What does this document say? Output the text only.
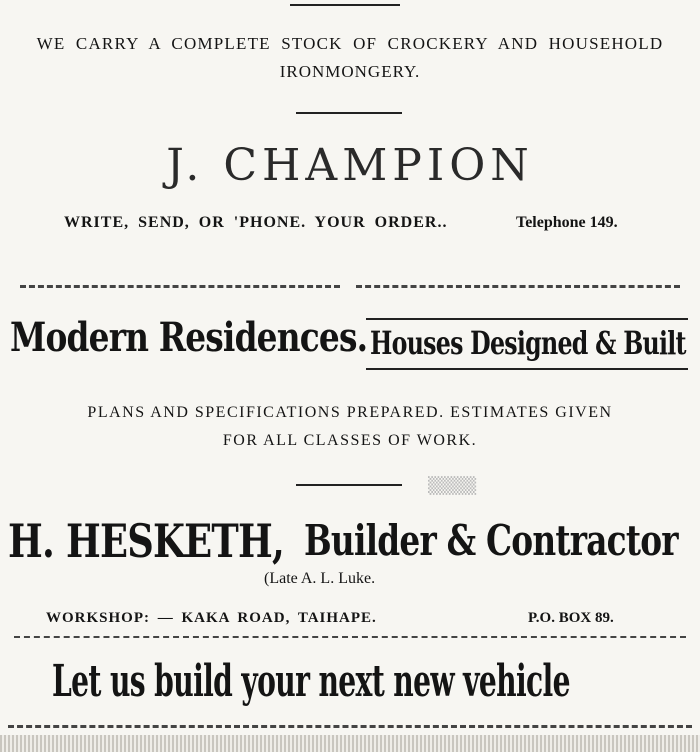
WE CARRY A COMPLETE STOCK OF CROCKERY AND HOUSEHOLD
IRONMONGERY.
J. CHAMPION
WRITE, SEND, OR 'PHONE. YOUR ORDER..	Telephone 149.
Modern Residences. Houses Designed & Built
PLANS AND SPECIFICATIONS PREPARED. ESTIMATES GIVEN
FOR ALL CLASSES OF WORK.
▒▒▒▒▒
H. HESKETH, Builder & Contractor
(Late A. L. Luke.
WORKSHOP: — KAKA ROAD, TAIHAPE.	P.O. BOX 89.
Let us build your next new vehicle
